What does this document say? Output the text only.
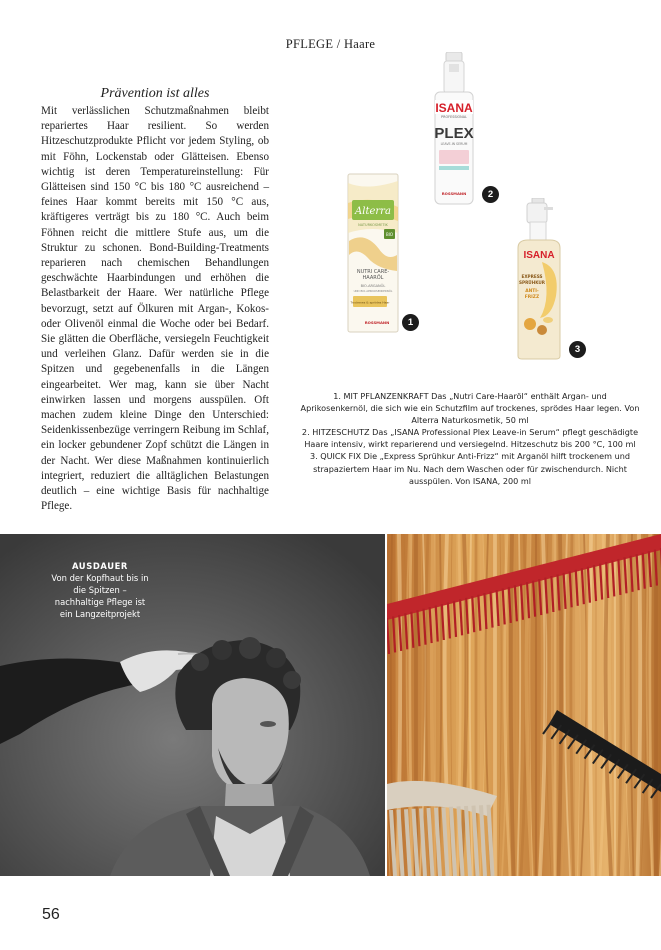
PFLEGE / Haare
Prävention ist alles

Mit verlässlichen Schutzmaßnahmen bleibt repariertes Haar resilient. So werden Hitzeschutzprodukte Pflicht vor jedem Styling, ob mit Föhn, Lockenstab oder Glätteisen. Ebenso wichtig ist deren Temperatureinstellung: Für Glätteisen sind 150 °C bis 180 °C ausreichend – feines Haar kommt bereits mit 150 °C aus, kräftigeres verträgt bis zu 180 °C. Auch beim Föhnen reicht die mittlere Stufe aus, um die Struktur zu schonen. Bond-Building-Treatments reparieren nach chemischen Behandlungen geschwächte Haarbindungen und erhöhen die Belastbarkeit der Haare. Wer natürliche Pflege bevorzugt, setzt auf Ölkuren mit Argan-, Kokos- oder Olivenöl einmal die Woche oder bei Bedarf. Sie glätten die Oberfläche, versiegeln Feuchtigkeit und verleihen Glanz. Dafür werden sie in die Spitzen und gegebenenfalls in die Längen eingearbeitet. Wer mag, kann sie über Nacht einwirken lassen und morgens ausspülen. Oft machen zudem kleine Dinge den Unterschied: Seidenkissenbezüge verringern Reibung im Schlaf, ein locker gebundener Zopf schützt die Längen in der Nacht. Wer diese Maßnahmen kontinuierlich integriert, reduziert die alltäglichen Belastungen deutlich – eine wichtige Basis für nachhaltige Pflege.

Alterra
NATURKOSMETIK
BIO
NUTRI CARE-
HAARÖL
BIO-ARGANÖL
UND BIO-APRIKOSENKERNÖL
Trockenes & sprödes Haar
ROSSMANN	1
ISANA
PROFESSIONAL
PLEX
LEAVE-IN SERUM
ROSSMANN	2
ISANA
EXPRESS
SPRÜHKUR
ANTI-
FRIZZ
3

1. MIT PFLANZENKRAFT Das „Nutri Care-Haaröl“ enthält Argan- und Aprikosenkernöl, die sich wie ein Schutzfilm auf trockenes, sprödes Haar legen. Von Alterra Naturkosmetik, 50 ml

2. HITZESCHUTZ Das „ISANA Professional Plex Leave-in Serum“ pflegt geschädigte Haare intensiv, wirkt reparierend und versiegelnd. Hitzeschutz bis 200 °C, 100 ml

3. QUICK FIX Die „Express Sprühkur Anti-Frizz“ mit Arganöl hilft trockenem und strapaziertem Haar im Nu. Nach dem Waschen oder für zwischendurch. Nicht ausspülen. Von ISANA, 200 ml

AUSDAUER
Von der Kopfhaut bis in die Spitzen – nachhaltige Pflege ist ein Langzeitprojekt
56
